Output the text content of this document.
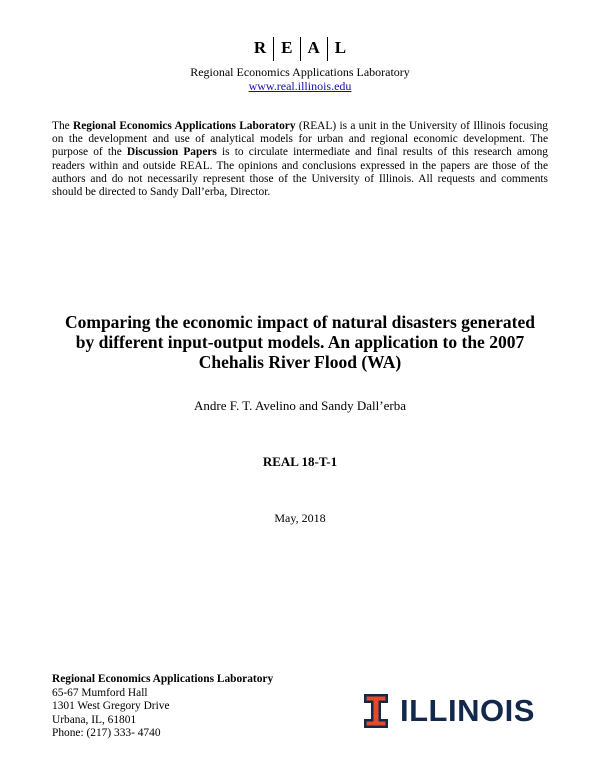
R E A L
Regional Economics Applications Laboratory
www.real.illinois.edu
The Regional Economics Applications Laboratory (REAL) is a unit in the University of Illinois focusing on the development and use of analytical models for urban and regional economic development. The purpose of the Discussion Papers is to circulate intermediate and final results of this research among readers within and outside REAL. The opinions and conclusions expressed in the papers are those of the authors and do not necessarily represent those of the University of Illinois. All requests and comments should be directed to Sandy Dall’erba, Director.
Comparing the economic impact of natural disasters generated
by different input-output models. An application to the 2007
Chehalis River Flood (WA)
Andre F. T. Avelino and Sandy Dall’erba
REAL 18-T-1
May, 2018
Regional Economics Applications Laboratory
65-67 Mumford Hall
1301 West Gregory Drive
Urbana, IL, 61801
Phone: (217) 333- 4740
ILLINOIS
